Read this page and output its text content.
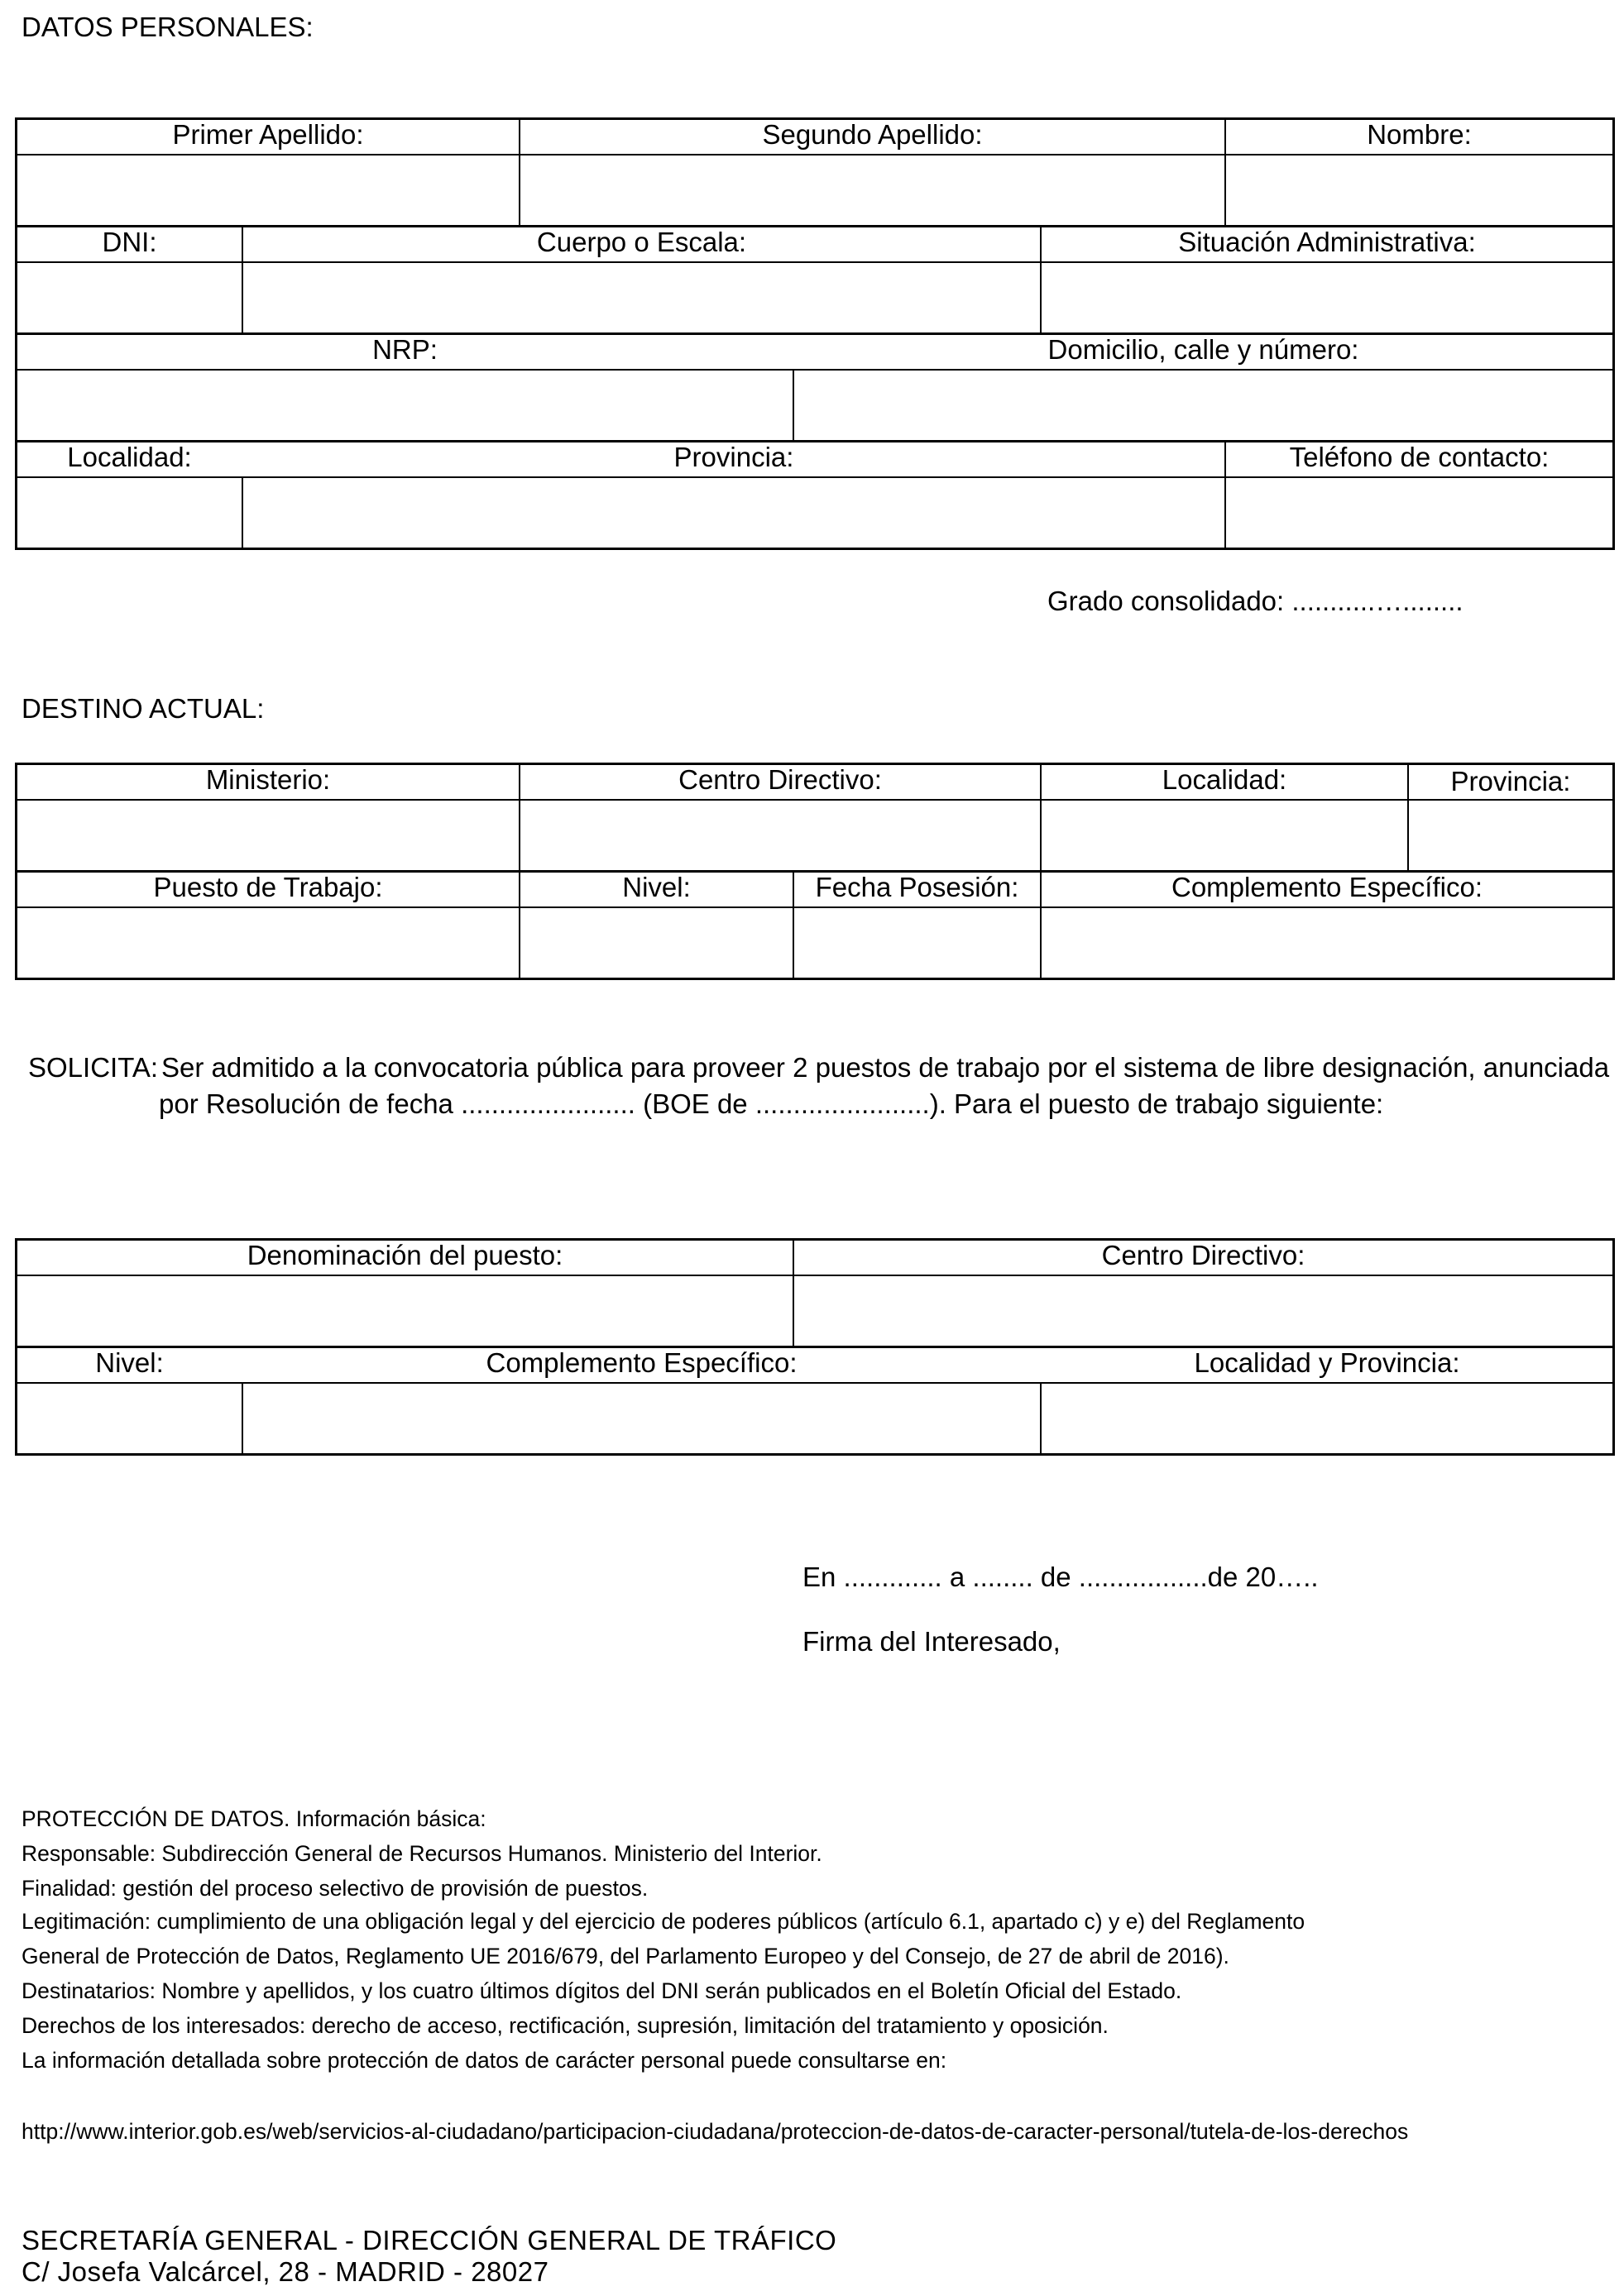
DATOS PERSONALES:
Primer Apellido:	Segundo Apellido:	Nombre:
DNI:	Cuerpo o Escala:	Situación Administrativa:
NRP:	Domicilio, calle y número:
Localidad:	Provincia:	Teléfono de contacto:
Grado consolidado: ...........…........
DESTINO ACTUAL:
Ministerio:	Centro Directivo:	Localidad:	Provincia:
Puesto de Trabajo:	Nivel:	Fecha Posesión:	Complemento Específico:
SOLICITA: Ser admitido a la convocatoria pública para proveer 2 puestos de trabajo por el sistema de libre designación, anunciada
por Resolución de fecha ....................... (BOE de .......................). Para el puesto de trabajo siguiente:
Denominación del puesto:	Centro Directivo:
Nivel:	Complemento Específico:	Localidad y Provincia:
En ............. a ........ de .................de 20…..
Firma del Interesado,
PROTECCIÓN DE DATOS. Información básica:
Responsable: Subdirección General de Recursos Humanos. Ministerio del Interior.
Finalidad: gestión del proceso selectivo de provisión de puestos.
Legitimación: cumplimiento de una obligación legal y del ejercicio de poderes públicos (artículo 6.1, apartado c) y e) del Reglamento
General de Protección de Datos, Reglamento UE 2016/679, del Parlamento Europeo y del Consejo, de 27 de abril de 2016).
Destinatarios: Nombre y apellidos, y los cuatro últimos dígitos del DNI serán publicados en el Boletín Oficial del Estado.
Derechos de los interesados: derecho de acceso, rectificación, supresión, limitación del tratamiento y oposición.
La información detallada sobre protección de datos de carácter personal puede consultarse en:
http://www.interior.gob.es/web/servicios-al-ciudadano/participacion-ciudadana/proteccion-de-datos-de-caracter-personal/tutela-de-los-derechos
SECRETARÍA GENERAL - DIRECCIÓN GENERAL DE TRÁFICO
C/ Josefa Valcárcel, 28 - MADRID - 28027
